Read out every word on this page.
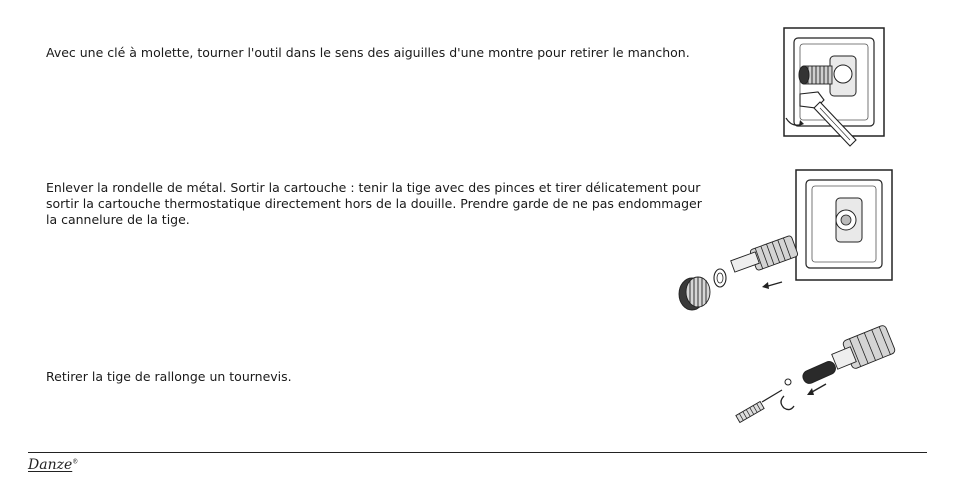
Avec une clé à molette, tourner l'outil dans le sens des aiguilles d'une montre pour retirer le manchon.

Enlever la rondelle de métal. Sortir la cartouche : tenir la tige avec des pinces et tirer délicatement pour sortir la cartouche thermostatique directement hors de la douille. Prendre garde de ne pas endommager la cannelure de la tige.

Retirer la tige de rallonge un tournevis.

Danze®
